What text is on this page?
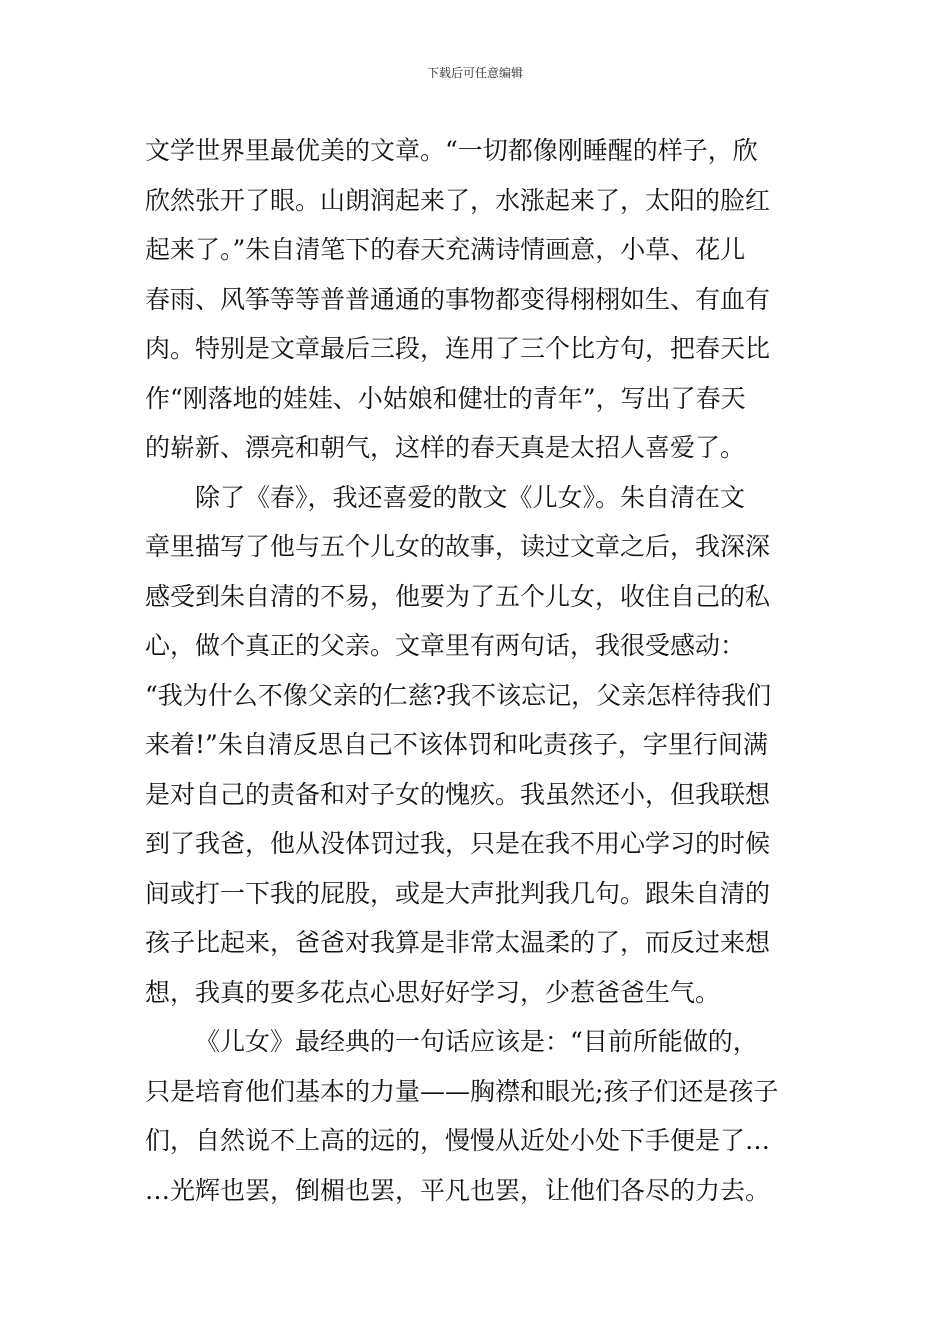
下载后可任意编辑
文学世界里最优美的文章。“一切都像刚睡醒的样子，欣
欣然张开了眼。山朗润起来了，水涨起来了，太阳的脸红
起来了。”朱自清笔下的春天充满诗情画意，小草、花儿
春雨、风筝等等普普通通的事物都变得栩栩如生、有血有
肉。特别是文章最后三段，连用了三个比方句，把春天比
作“刚落地的娃娃、小姑娘和健壮的青年”，写出了春天
的崭新、漂亮和朝气，这样的春天真是太招人喜爱了。
除了《春》，我还喜爱的散文《儿女》。朱自清在文
章里描写了他与五个儿女的故事，读过文章之后，我深深
感受到朱自清的不易，他要为了五个儿女，收住自己的私
心，做个真正的父亲。文章里有两句话，我很受感动：
“我为什么不像父亲的仁慈?我不该忘记，父亲怎样待我们
来着!”朱自清反思自己不该体罚和叱责孩子，字里行间满
是对自己的责备和对子女的愧疚。我虽然还小，但我联想
到了我爸，他从没体罚过我，只是在我不用心学习的时候
间或打一下我的屁股，或是大声批判我几句。跟朱自清的
孩子比起来，爸爸对我算是非常太温柔的了，而反过来想
想，我真的要多花点心思好好学习，少惹爸爸生气。
《儿女》最经典的一句话应该是：“目前所能做的，
只是培育他们基本的力量——胸襟和眼光;孩子们还是孩子
们，自然说不上高的远的，慢慢从近处小处下手便是了…
…光辉也罢，倒楣也罢，平凡也罢，让他们各尽的力去。
